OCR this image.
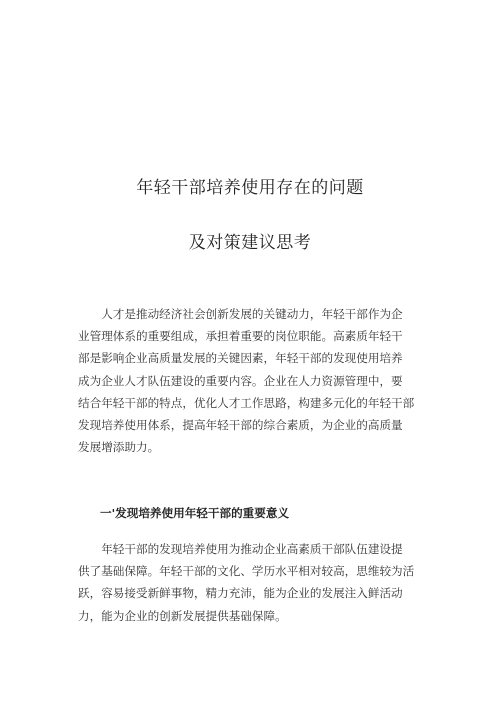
年轻干部培养使用存在的问题
及对策建议思考
　　人才是推动经济社会创新发展的关键动力，年轻干部作为企
业管理体系的重要组成，承担着重要的岗位职能。高素质年轻干
部是影响企业高质量发展的关键因素，年轻干部的发现使用培养
成为企业人才队伍建设的重要内容。企业在人力资源管理中，要
结合年轻干部的特点，优化人才工作思路，构建多元化的年轻干部
发现培养使用体系，提高年轻干部的综合素质，为企业的高质量
发展增添助力。
一'发现培养使用年轻干部的重要意义
　　年轻干部的发现培养使用为推动企业高素质干部队伍建设提
供了基础保障。年轻干部的文化、学历水平相对较高，思维较为活
跃，容易接受新鲜事物，精力充沛，能为企业的发展注入鲜活动
力，能为企业的创新发展提供基础保障。
